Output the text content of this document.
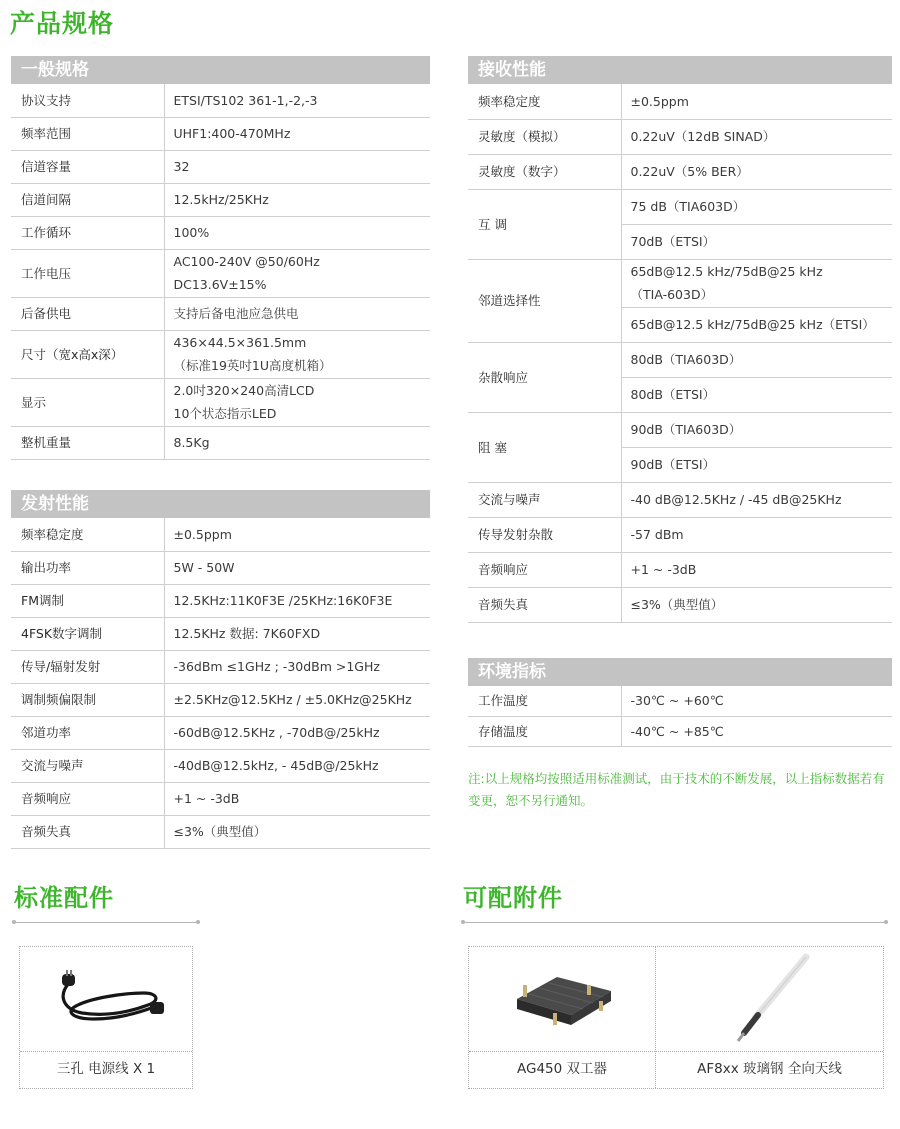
产品规格
一般规格
协议支持	ETSI/TS102 361-1,-2,-3

频率范围	UHF1:400-470MHz

信道容量	32

信道间隔	12.5kHz/25KHz

工作循环	100%

工作电压	AC100-240V @50/60Hz
DC13.6V±15%

后备供电	支持后备电池应急供电

尺寸（宽x高x深）	436×44.5×361.5mm
（标准19英吋1U高度机箱）

显示	2.0吋320×240高清LCD
10个状态指示LED

整机重量	8.5Kg
发射性能
频率稳定度	±0.5ppm

输出功率	5W - 50W

FM调制	12.5KHz:11K0F3E /25KHz:16K0F3E

4FSK数字调制	12.5KHz 数据: 7K60FXD

传导/辐射发射	-36dBm ≤1GHz ; -30dBm >1GHz

调制频偏限制	±2.5KHz@12.5KHz / ±5.0KHz@25KHz

邻道功率	-60dB@12.5KHz , -70dB@/25kHz

交流与噪声	-40dB@12.5kHz, - 45dB@/25kHz

音频响应	+1 ~ -3dB

音频失真	≤3%（典型值）
接收性能
频率稳定度	±0.5ppm

灵敏度（模拟）	0.22uV（12dB SINAD）

灵敏度（数字）	0.22uV（5% BER）

互 调	75 dB（TIA603D）

	70dB（ETSI）

邻道选择性	65dB@12.5 kHz/75dB@25 kHz
（TIA-603D）

	65dB@12.5 kHz/75dB@25 kHz（ETSI）

杂散响应	80dB（TIA603D）

	80dB（ETSI）

阻 塞	90dB（TIA603D）

	90dB（ETSI）

交流与噪声	-40 dB@12.5KHz / -45 dB@25KHz

传导发射杂散	-57 dBm

音频响应	+1 ~ -3dB

音频失真	≤3%（典型值）
环境指标
工作温度	-30℃ ~ +60℃

存储温度	-40℃ ~ +85℃
注:以上规格均按照适用标准测试，由于技术的不断发展，以上指标数据若有变更，恕不另行通知。
标准配件
三孔 电源线 X 1
可配附件
AG450 双工器	AF8xx 玻璃钢 全向天线
